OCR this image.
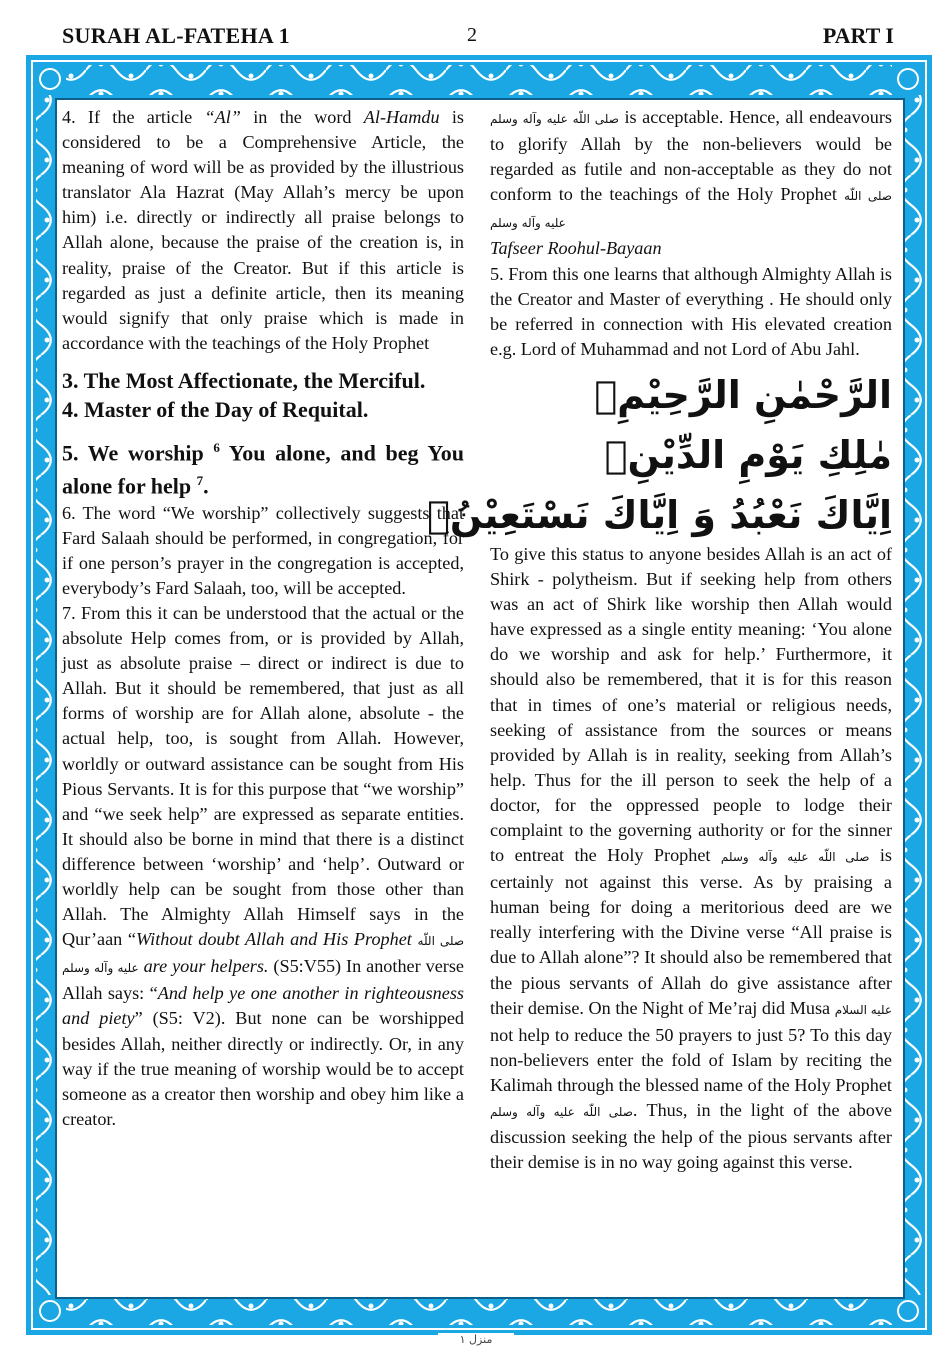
SURAH AL-FATEHA 1	2	PART I

4. If the article “Al” in the word Al-Hamdu is considered to be a Comprehensive Article, the meaning of word will be as provided by the illustrious translator Ala Hazrat (May Allah’s mercy be upon him) i.e. directly or indirectly all praise belongs to Allah alone, because the praise of the creation is, in reality, praise of the Creator. But if this article is regarded as just a definite article, then its meaning would signify that only praise which is made in accordance with the teachings of the Holy Prophet

3. The Most Affectionate, the Merciful.

4. Master of the Day of Requital.

5. We worship $^6$ You alone, and beg You alone for help $^7$.

6. The word “We worship” collectively suggests that Fard Salaah should be performed, in congregation, for if one person’s prayer in the congregation is accepted, everybody’s Fard Salaah, too, will be accepted.

7. From this it can be understood that the actual or the absolute Help comes from, or is provided by Allah, just as absolute praise – direct or indirect is due to Allah. But it should be remembered, that just as all forms of worship are for Allah alone, absolute - the actual help, too, is sought from Allah. However, worldly or outward assistance can be sought from His Pious Servants. It is for this purpose that “we worship” and “we seek help” are expressed as separate entities. It should also be borne in mind that there is a distinct difference between ‘worship’ and ‘help’. Outward or worldly help can be sought from those other than Allah. The Almighty Allah Himself says in the Qur’aan “Without doubt Allah and His Prophet صلى اللّه عليه وآله وسلم are your helpers. (S5:V55) In another verse Allah says: “And help ye one another in righteousness and piety” (S5: V2). But none can be worshipped besides Allah, neither directly or indirectly. Or, in any way if the true meaning of worship would be to accept someone as a creator then worship and obey him like a creator.

صلى اللّه عليه وآله وسلم is acceptable. Hence, all endeavours to glorify Allah by the non-believers would be regarded as futile and non-acceptable as they do not conform to the teachings of the Holy Prophet صلى اللّه عليه وآله وسلم
Tafseer Roohul-Bayaan

5. From this one learns that although Almighty Allah is the Creator and Master of everything . He should only be referred in connection with His elevated creation e.g. Lord of Muhammad and not Lord of Abu Jahl.

الرَّحْمٰنِ الرَّحِيْمِۙ

مٰلِكِ يَوْمِ الدِّيْنِۗ

اِيَّاكَ نَعْبُدُ وَ اِيَّاكَ نَسْتَعِيْنُۗ

To give this status to anyone besides Allah is an act of Shirk - polytheism. But if seeking help from others was an act of Shirk like worship then Allah would have expressed as a single entity meaning: ‘You alone do we worship and ask for help.’ Furthermore, it should also be remembered, that it is for this reason that in times of one’s material or religious needs, seeking of assistance from the sources or means provided by Allah is in reality, seeking from Allah’s help. Thus for the ill person to seek the help of a doctor, for the oppressed people to lodge their complaint to the governing authority or for the sinner to entreat the Holy Prophet صلى اللّه عليه وآله وسلم is certainly not against this verse. As by praising a human being for doing a meritorious deed are we really interfering with the Divine verse “All praise is due to Allah alone”? It should also be remembered that the pious servants of Allah do give assistance after their demise. On the Night of Me’raj did Musa عليه السلام not help to reduce the 50 prayers to just 5? To this day non-believers enter the fold of Islam by reciting the Kalimah through the blessed name of the Holy Prophet صلى اللّه عليه وآله وسلم. Thus, in the light of the above discussion seeking the help of the pious servants after their demise is in no way going against this verse.

منزل ١
